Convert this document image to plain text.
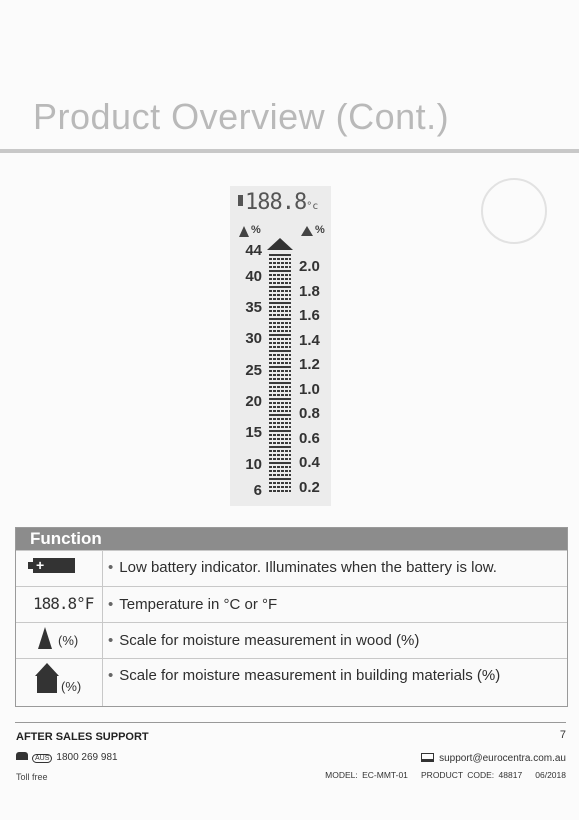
Product Overview (Cont.)
188.8°c
%	%
44
40
35
30
25
20
15
10
6
2.0
1.8
1.6
1.4
1.2
1.0
0.8
0.6
0.4
0.2
Function
+	• Low battery indicator. Illuminates when the battery is low.
188.8°F • Temperature in °C or °F
(%) • Scale for moisture measurement in wood (%)
(%)
• Scale for moisture measurement in building materials (%)
AFTER SALES SUPPORT
AUS 1800 269 981
Toll free
7
support@eurocentra.com.au
MODEL: EC-MMT-01 PRODUCT CODE: 48817 06/2018
